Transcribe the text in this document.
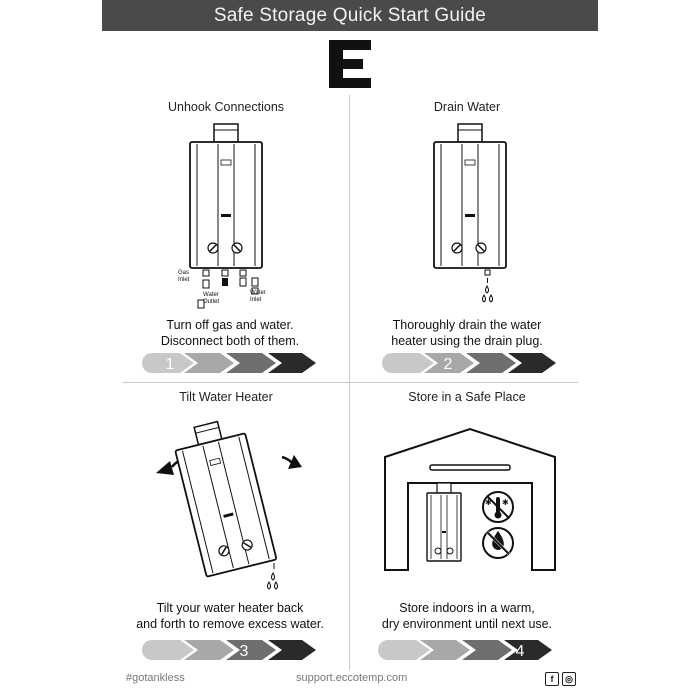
Safe Storage Quick Start Guide
Unhook Connections
Gas
Inlet
Water
Outlet
Water
Inlet
Turn off gas and water.
Disconnect both of them.
1
Drain Water
Thoroughly drain the water
heater using the drain plug.
2
Tilt Water Heater
Tilt your water heater back
and forth to remove excess water.
3
Store in a Safe Place
✱ ✱
Store indoors in a warm,
dry environment until next use.
4
#gotankless	support.eccotemp.com	f	◎
